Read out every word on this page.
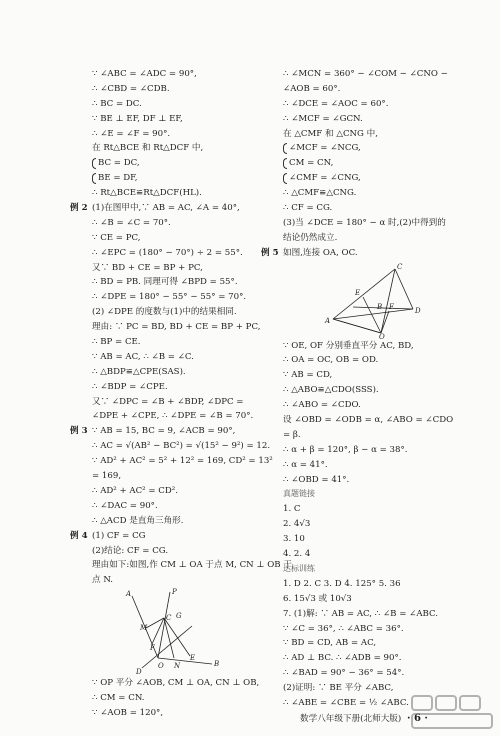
∵ ∠ABC = ∠ADC = 90°,
∴ ∠CBD = ∠CDB.
∴ BC = DC.
∵ BE ⊥ EF, DF ⊥ EF,
∴ ∠E = ∠F = 90°.
在 Rt△BCE 和 Rt△DCF 中,
BC = DC,
BE = DF,
∴ Rt△BCE≌Rt△DCF(HL).
例 2 (1)在图甲中,∵ AB = AC, ∠A = 40°,
∴ ∠B = ∠C = 70°.
∵ CE = PC,
∴ ∠EPC = (180° − 70°) ÷ 2 = 55°.
又∵ BD + CE = BP + PC,
∴ BD = PB. 同理可得 ∠BPD = 55°.
∴ ∠DPE = 180° − 55° − 55° = 70°.
(2) ∠DPE 的度数与(1)中的结果相同.
理由: ∵ PC = BD, BD + CE = BP + PC,
∴ BP = CE.
∵ AB = AC, ∴ ∠B = ∠C.
∴ △BDP≌△CPE(SAS).
∴ ∠BDP = ∠CPE.
又∵ ∠DPC = ∠B + ∠BDP, ∠DPC =
∠DPE + ∠CPE, ∴ ∠DPE = ∠B = 70°.
例 3 ∵ AB = 15, BC = 9, ∠ACB = 90°,
∴ AC = √(AB² − BC²) = √(15² − 9²) = 12.
∵ AD² + AC² = 5² + 12² = 169, CD² = 13²
= 169,
∴ AD² + AC² = CD².
∴ ∠DAC = 90°.
∴ △ACD 是直角三角形.
例 4 (1) CF = CG
(2)结论: CF = CG.
理由如下:如图,作 CM ⊥ OA 于点 M, CN ⊥ OB 于
点 N.
A	P
G
M
C
F
O N
E
B
D
∵ OP 平分 ∠AOB, CM ⊥ OA, CN ⊥ OB,
∴ CM = CN.
∵ ∠AOB = 120°,
∴ ∠MCN = 360° − ∠COM − ∠CNO −
∠AOB = 60°.
∴ ∠DCE = ∠AOC = 60°.
∴ ∠MCF = ∠GCN.
在 △CMF 和 △CNG 中,
∠MCF = ∠NCG,
CM = CN,
∠CMF = ∠CNG,
∴ △CMF≌△CNG.
∴ CF = CG.
(3)当 ∠DCE = 180° − α 时,(2)中得到的
结论仍然成立.
例 5 如图,连接 OA, OC.
C
E
A
F
B
O
D
∵ OE, OF 分别垂直平分 AC, BD,
∴ OA = OC, OB = OD.
∵ AB = CD,
∴ △ABO≌△CDO(SSS).
∴ ∠ABO = ∠CDO.
设 ∠OBD = ∠ODB = α, ∠ABO = ∠CDO
= β.
∴ α + β = 120°, β − α = 38°.
∴ α = 41°.
∴ ∠OBD = 41°.
真题链接
1. C
2. 4√3
3. 10
4. 2. 4
达标训练
1. D 2. C 3. D 4. 125° 5. 36
6. 15√3 或 10√3
7. (1)解: ∵ AB = AC, ∴ ∠B = ∠ABC.
∵ ∠C = 36°, ∴ ∠ABC = 36°.
∵ BD = CD, AB = AC,
∴ AD ⊥ BC. ∴ ∠ADB = 90°.
∴ ∠BAD = 90° − 36° = 54°.
(2)证明: ∵ BE 平分 ∠ABC,
∴ ∠ABE = ∠CBE = ½ ∠ABC.
数学八年级下册(北师大版) · 6 ·
